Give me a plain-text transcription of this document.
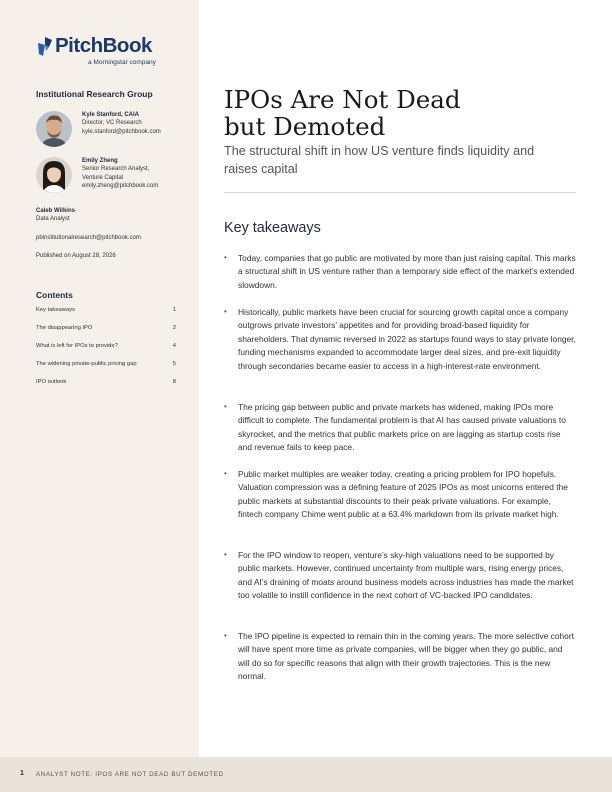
PitchBook
a Morningstar company
Institutional Research Group
Kyle Stanford, CAIA
Director, VC Research
kyle.stanford@pitchbook.com
Emily Zheng
Senior Research Analyst,
Venture Capital
emily.zheng@pitchbook.com
Caleb Wilkins
Data Analyst
pbinstitutionalresearch@pitchbook.com
Published on August 28, 2026
Contents
Key takeaways	1
The disappearing IPO	2
What is left for IPOs to provide?	4
The widening private-public pricing gap	5
IPO outlook	8
IPOs Are Not Dead
but Demoted
The structural shift in how US venture finds liquidity and raises capital
Key takeaways
• Today, companies that go public are motivated by more than just raising capital. This marks a structural shift in US venture rather than a temporary side effect of the market’s extended slowdown.
• Historically, public markets have been crucial for sourcing growth capital once a company outgrows private investors’ appetites and for providing broad-based liquidity for shareholders. That dynamic reversed in 2022 as startups found ways to stay private longer, funding mechanisms expanded to accommodate larger deal sizes, and pre-exit liquidity through secondaries became easier to access in a high-interest-rate environment.
• The pricing gap between public and private markets has widened, making IPOs more difficult to complete. The fundamental problem is that AI has caused private valuations to skyrocket, and the metrics that public markets price on are lagging as startup costs rise and revenue fails to keep pace.
• Public market multiples are weaker today, creating a pricing problem for IPO hopefuls. Valuation compression was a defining feature of 2025 IPOs as most unicorns entered the public markets at substantial discounts to their peak private valuations. For example, fintech company Chime went public at a 63.4% markdown from its private market high.
• For the IPO window to reopen, venture’s sky-high valuations need to be supported by public markets. However, continued uncertainty from multiple wars, rising energy prices, and AI’s draining of moats around business models across industries has made the market too volatile to instill confidence in the next cohort of VC-backed IPO candidates.
• The IPO pipeline is expected to remain thin in the coming years. The more selective cohort will have spent more time as private companies, will be bigger when they go public, and will do so for specific reasons that align with their growth trajectories. This is the new normal.
1 ANALYST NOTE: IPOS ARE NOT DEAD BUT DEMOTED
